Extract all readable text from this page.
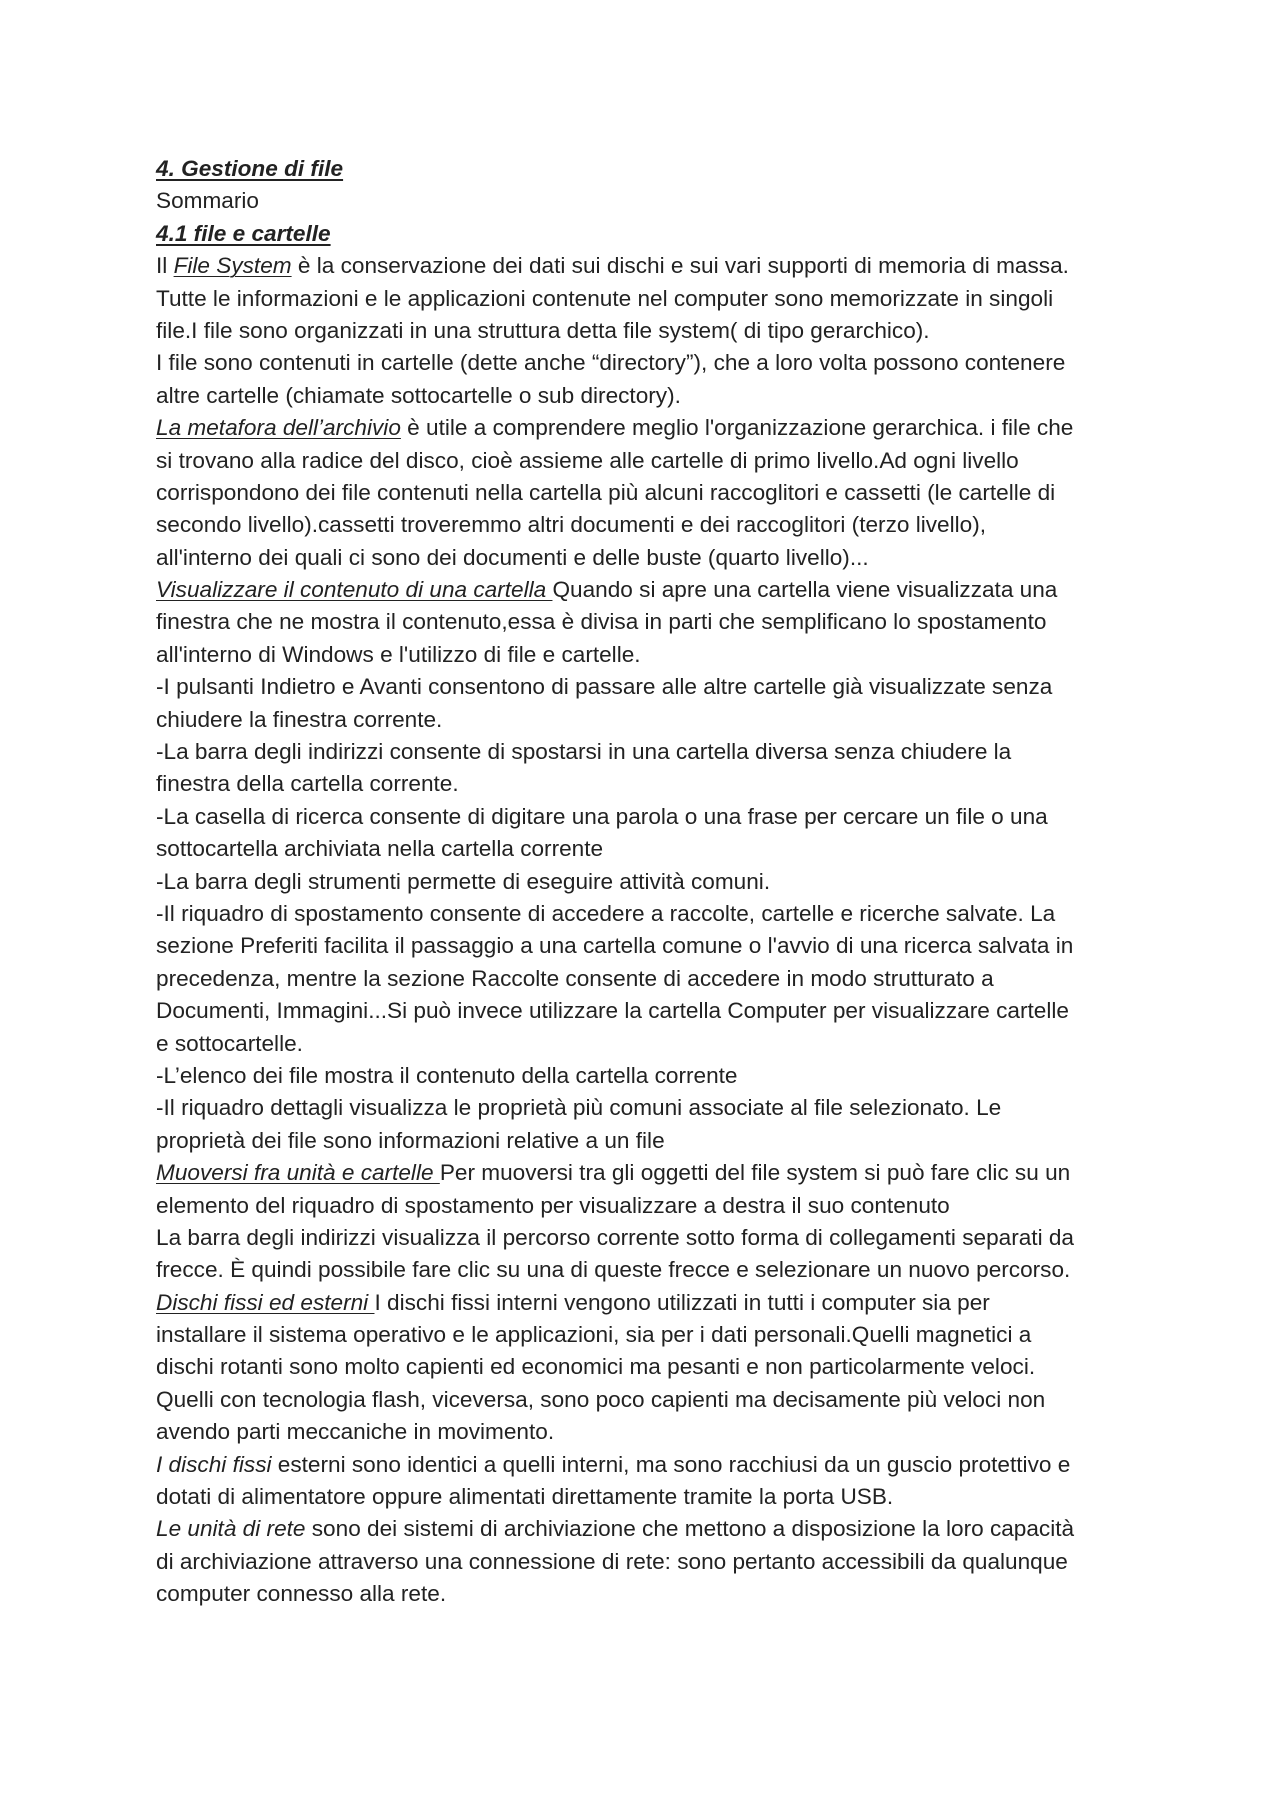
4. Gestione di file
Sommario
4.1 file e cartelle
Il File System è la conservazione dei dati sui dischi e sui vari supporti di memoria di massa.
Tutte le informazioni e le applicazioni contenute nel computer sono memorizzate in singoli
file.I file sono organizzati in una struttura detta file system( di tipo gerarchico).
I file sono contenuti in cartelle (dette anche “directory”), che a loro volta possono contenere
altre cartelle (chiamate sottocartelle o sub directory).
La metafora dell’archivio è utile a comprendere meglio l'organizzazione gerarchica. i file che
si trovano alla radice del disco, cioè assieme alle cartelle di primo livello.Ad ogni livello
corrispondono dei file contenuti nella cartella più alcuni raccoglitori e cassetti (le cartelle di
secondo livello).cassetti troveremmo altri documenti e dei raccoglitori (terzo livello),
all'interno dei quali ci sono dei documenti e delle buste (quarto livello)...
Visualizzare il contenuto di una cartella Quando si apre una cartella viene visualizzata una
finestra che ne mostra il contenuto,essa è divisa in parti che semplificano lo spostamento
all'interno di Windows e l'utilizzo di file e cartelle.
-I pulsanti Indietro e Avanti consentono di passare alle altre cartelle già visualizzate senza
chiudere la finestra corrente.
-La barra degli indirizzi consente di spostarsi in una cartella diversa senza chiudere la
finestra della cartella corrente.
-La casella di ricerca consente di digitare una parola o una frase per cercare un file o una
sottocartella archiviata nella cartella corrente
-La barra degli strumenti permette di eseguire attività comuni.
-Il riquadro di spostamento consente di accedere a raccolte, cartelle e ricerche salvate. La
sezione Preferiti facilita il passaggio a una cartella comune o l'avvio di una ricerca salvata in
precedenza, mentre la sezione Raccolte consente di accedere in modo strutturato a
Documenti, Immagini...Si può invece utilizzare la cartella Computer per visualizzare cartelle
e sottocartelle.
-L’elenco dei file mostra il contenuto della cartella corrente
-Il riquadro dettagli visualizza le proprietà più comuni associate al file selezionato. Le
proprietà dei file sono informazioni relative a un file
Muoversi fra unità e cartelle Per muoversi tra gli oggetti del file system si può fare clic su un
elemento del riquadro di spostamento per visualizzare a destra il suo contenuto
La barra degli indirizzi visualizza il percorso corrente sotto forma di collegamenti separati da
frecce. È quindi possibile fare clic su una di queste frecce e selezionare un nuovo percorso.
Dischi fissi ed esterni I dischi fissi interni vengono utilizzati in tutti i computer sia per
installare il sistema operativo e le applicazioni, sia per i dati personali.Quelli magnetici a
dischi rotanti sono molto capienti ed economici ma pesanti e non particolarmente veloci.
Quelli con tecnologia flash, viceversa, sono poco capienti ma decisamente più veloci non
avendo parti meccaniche in movimento.
I dischi fissi esterni sono identici a quelli interni, ma sono racchiusi da un guscio protettivo e
dotati di alimentatore oppure alimentati direttamente tramite la porta USB.
Le unità di rete sono dei sistemi di archiviazione che mettono a disposizione la loro capacità
di archiviazione attraverso una connessione di rete: sono pertanto accessibili da qualunque
computer connesso alla rete.
